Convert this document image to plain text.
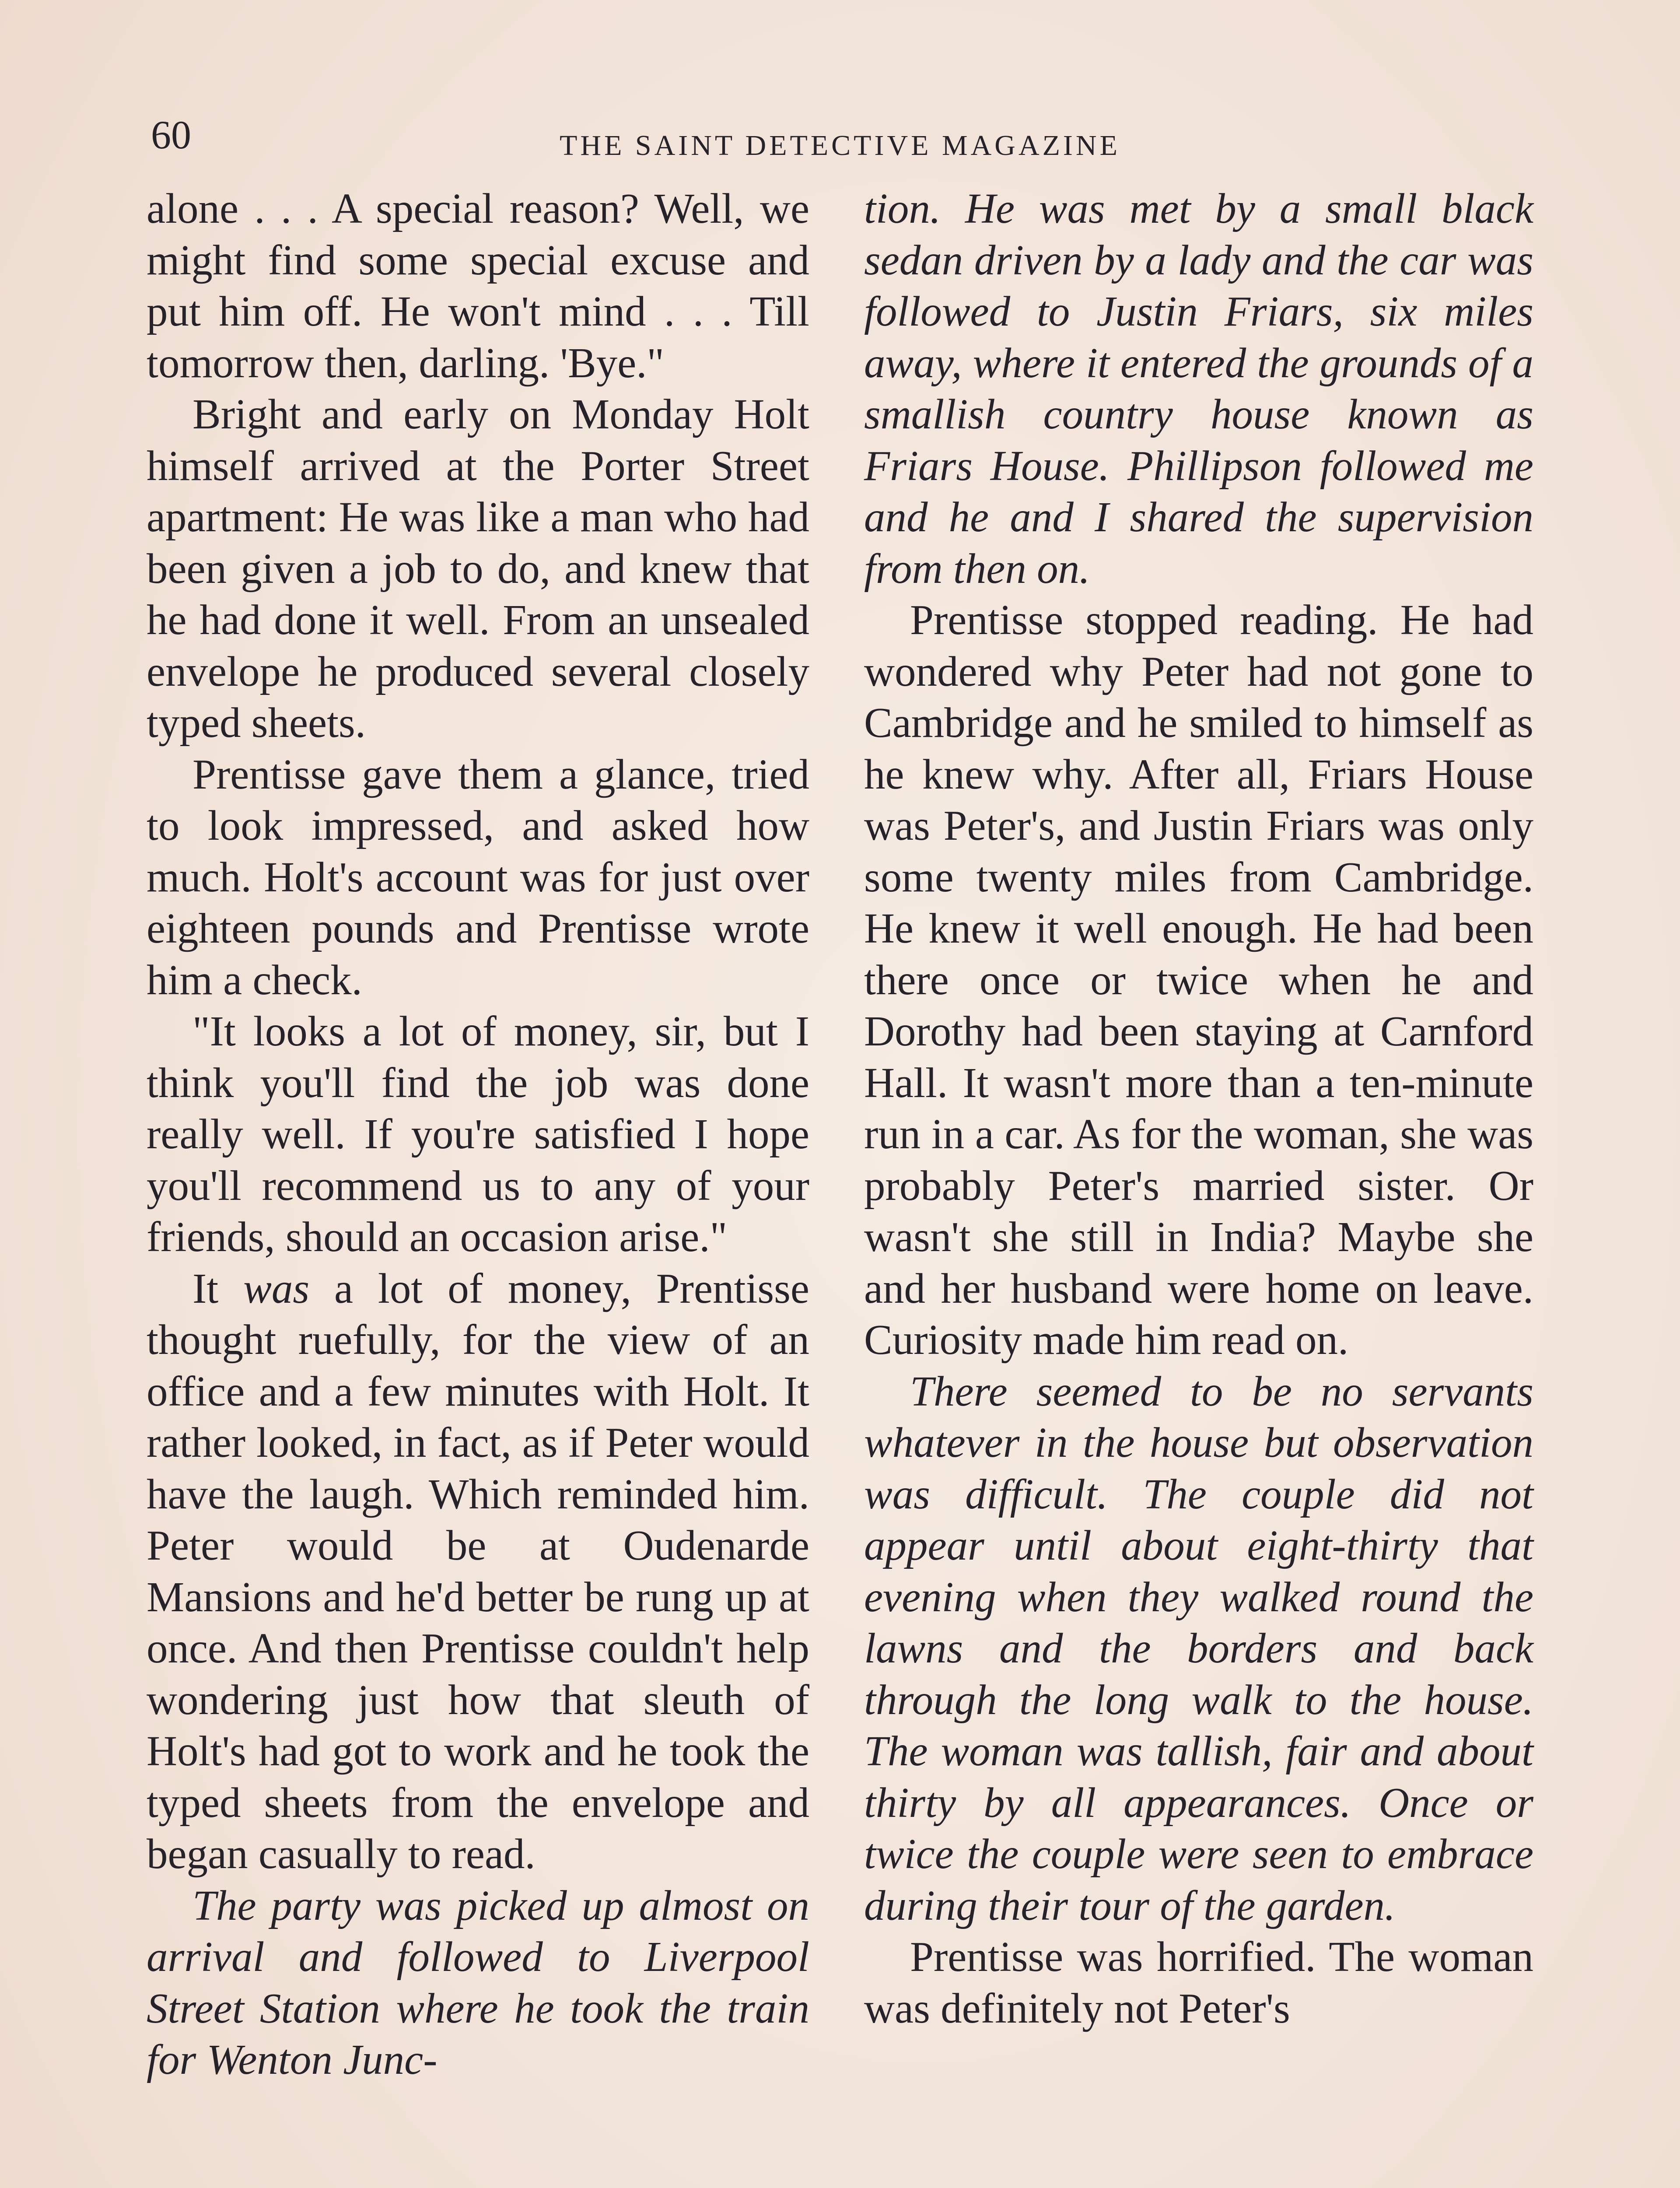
60	THE SAINT DETECTIVE MAGAZINE

alone . . . A special reason? Well, we might find some special excuse and put him off. He won't mind . . . Till tomorrow then, darling. 'Bye."

Bright and early on Monday Holt himself arrived at the Porter Street apartment: He was like a man who had been given a job to do, and knew that he had done it well. From an unsealed envelope he produced several closely typed sheets.

Prentisse gave them a glance, tried to look impressed, and asked how much. Holt's account was for just over eighteen pounds and Prentisse wrote him a check.

"It looks a lot of money, sir, but I think you'll find the job was done really well. If you're satisfied I hope you'll recommend us to any of your friends, should an occasion arise."

It was a lot of money, Prentisse thought ruefully, for the view of an office and a few minutes with Holt. It rather looked, in fact, as if Peter would have the laugh. Which reminded him. Peter would be at Oudenarde Mansions and he'd better be rung up at once. And then Prentisse couldn't help wondering just how that sleuth of Holt's had got to work and he took the typed sheets from the envelope and began casually to read.

The party was picked up almost on arrival and followed to Liverpool Street Station where he took the train for Wenton Junc-

tion. He was met by a small black sedan driven by a lady and the car was followed to Justin Friars, six miles away, where it entered the grounds of a smallish country house known as Friars House. Phillipson followed me and he and I shared the supervision from then on.

Prentisse stopped reading. He had wondered why Peter had not gone to Cambridge and he smiled to himself as he knew why. After all, Friars House was Peter's, and Justin Friars was only some twenty miles from Cambridge. He knew it well enough. He had been there once or twice when he and Dorothy had been staying at Carnford Hall. It wasn't more than a ten-minute run in a car. As for the woman, she was probably Peter's married sister. Or wasn't she still in India? Maybe she and her husband were home on leave. Curiosity made him read on.

There seemed to be no servants whatever in the house but observation was difficult. The couple did not appear until about eight-thirty that evening when they walked round the lawns and the borders and back through the long walk to the house. The woman was tallish, fair and about thirty by all appearances. Once or twice the couple were seen to embrace during their tour of the garden.

Prentisse was horrified. The woman was definitely not Peter's
